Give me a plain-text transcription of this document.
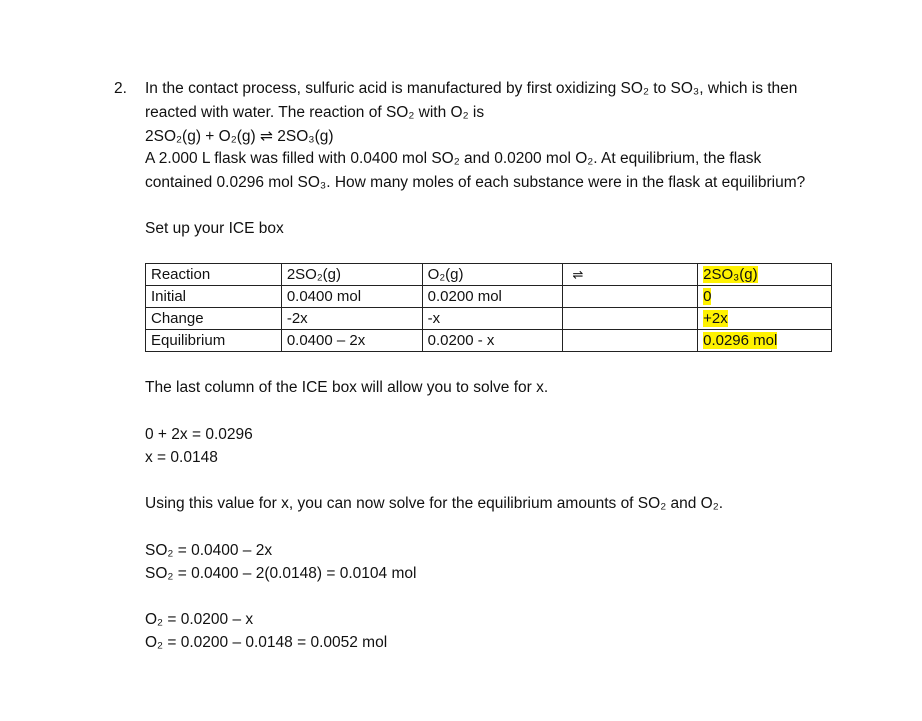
2. In the contact process, sulfuric acid is manufactured by first oxidizing SO₂ to SO₃, which is then
reacted with water. The reaction of SO₂ with O₂ is
2SO₂(g) + O₂(g) ⇌ 2SO₃(g)
A 2.000 L flask was filled with 0.0400 mol SO₂ and 0.0200 mol O₂. At equilibrium, the flask
contained 0.0296 mol SO₃. How many moles of each substance were in the flask at equilibrium?
Set up your ICE box
Reaction	2SO₂(g)	O₂(g)	⇌	2SO₃(g)
Initial	0.0400 mol	0.0200 mol		0
Change	-2x	-x		+2x
Equilibrium	0.0400 – 2x	0.0200 - x		0.0296 mol
The last column of the ICE box will allow you to solve for x.
0 + 2x = 0.0296
x = 0.0148
Using this value for x, you can now solve for the equilibrium amounts of SO₂ and O₂.
SO₂ = 0.0400 – 2x
SO₂ = 0.0400 – 2(0.0148) = 0.0104 mol
O₂ = 0.0200 – x
O₂ = 0.0200 – 0.0148 = 0.0052 mol
